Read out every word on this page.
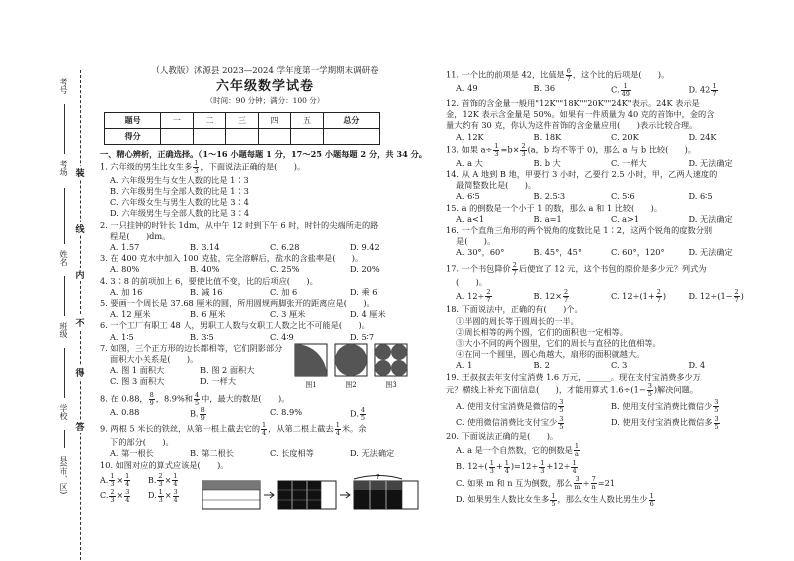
考号
考场
姓名
班级
学校
县(市、区)
装
线
内
不
得
答
（人教版）沭源县 2023—2024 学年度第一学期期末调研卷
六年级数学试卷
（时间：90 分钟；满分：100 分）
题号	一	二	三	四	五	总分
得分						
一、精心辨析，正确选择。（1～16 小题每题 1 分，17～25 小题每题 2 分，共 34 分。
1. 六年级的男生比女生多 $\frac{1}{3}$ ，下面说法正确的是(　　)。
A. 六年级男生与女生人数的比是 1∶3
B. 六年级男生与全部人数的比是 1∶3
C. 六年级女生与男生人数的比是 3∶4
D. 六年级男生与全部人数的比是 3∶4
2. 一只挂钟的时针长 1dm，从中午 12 时到下午 6 时，时针的尖端所走的路
程是(　　)dm。
A. 1.57	B. 3.14	C. 6.28	D. 9.42
3. 在 400 克水中加入 100 克盐，完全溶解后，盐水的含盐率是(　　)。
A. 80%	B. 40%	C. 25%	D. 20%
4. 3∶8 的前项加上 6，要使比值不变，比的后项应(　　)。
A. 加 16	B. 减 16	C. 加 6	D. 乘 6
5. 要画一个周长是 37.68 厘米的圆，所用圆规两脚张开的距离应是(　　)。
A. 12 厘米	B. 6 厘米	C. 3 厘米	D. 4 厘米
6. 一个工厂有职工 48 人，男职工人数与女职工人数之比不可能是(　　)。
A. 1∶5	B. 3∶5	C. 4∶9	D. 5∶7
7. 如图，三个正方形的边长都相等，它们阴影部分
面积大小关系是(　　)。
A. 图 1 面积大	B. 图 2 面积大
C. 图 3 面积大	D. 一样大	图1	图2	图3
8. 在 0.88， $\frac{8}{9}$ ，8.9%和 $\frac{4}{5}$ 中，最大的数是(　　)。
A. 0.88	B. $\frac{8}{9}$	C. 8.9%	D. $\frac{4}{5}$
9. 两根 5 米长的铁丝，从第一根上截去它的 $\frac{1}{4}$ ，从第二根上截去 $\frac{1}{4}$ 米。余
下的部分(　　)。
A. 第一根长	B. 第二根长	C. 长度相等	D. 无法确定
10. 如图对应的算式应该是(　　)。
A. $\frac{1}{3} \times \frac{1}{4} B$. $\frac{2}{3} \times \frac{1}{4}$
C. $\frac{2}{3} \times \frac{3}{4} D$. $\frac{1}{3} \times \frac{3}{4}$
?
11. 一个比的前项是 42，比值是 $\frac{6}{7}$ ，这个比的后项是(　　)。
A. 49	B. 36	C. $\frac{1}{49}$	D. $42 \frac{1}{7}$
12. 首饰的含金量一般用"12K""18K""20K""24K"表示。24K 表示是
金，12K 表示含金量是 50%。如果有一件质量为 40 克的首饰中，金的含
量大约有 30 克，你认为这件首饰的含金量应用(　　)表示比较合理。
A. 12K	B. 18K	C. 20K	D. 24K
13. 如果 $a\div \frac{1}{3} =b\times \frac{2}{3} (a$，b 均不等于 0)，那么 a 与 b 比较(　　)。
A. a 大	B. b 大	C. 一样大	D. 无法确定
14. 从 A 地到 B 地，甲要行 3 小时，乙要行 2.5 小时，甲，乙两人速度的
最简整数比是(　　)。
A. 6∶5	B. 2.5∶3	C. 5∶6	D. 6∶5
15. a 的倒数是一个小于 1 的数，那么 a 和 1 比较(　　)。
A. a<1	B. a=1	C. a>1	D. 无法确定
16. 一个直角三角形的两个锐角的度数比是 1∶2，这两个锐角的度数分别
是(　　)。
A. 30°，60°	B. 45°，45°	C. 60°，120°	D. 无法确定
17. 一个书包降价 $\frac{2}{7}$ 后便宜了 12 元，这个书包的原价是多少元？列式为
(　　)。
A. $12\div \frac{2}{7}$	B. $12\times \frac{2}{7}$	C. $12\div(1+ \frac{2}{7}$ )	D. $12\div(1- \frac{2}{7}$ )
18. 下面说法中，正确的有(　　)个。
①半圆的周长等于圆周长的一半。
②周长相等的两个圆，它们的面积也一定相等。
③大小不同的两个圆里，它们的周长与直径的比值相等。
④在同一个圆里，圆心角越大，扇形的面积就越大。
A. 1	B. 2	C. 3	D. 4
19. 王叔叔去年支付宝消费 1.6 万元，______。现在支付宝消费多少万
元？横线上补充下面信息(　　)，才能用算式 $1.6\div(1- \frac{3}{5}$ )解决问题。
A. 使用支付宝消费是微信的 $\frac{3}{5}$	B. 使用支付宝消费比微信少 $\frac{3}{5}$
C. 使用微信消费比支付宝少 $\frac{3}{5}$	D. 使用支付宝消费比微信多 $\frac{3}{5}$
20. 下面说法正确的是(　　)。
A. a 是一个自然数，它的倒数是 $\frac{1}{a}$
B. $12\div( \frac{1}{3} + \frac{1}{4} )=12\div \frac{1}{3} +12\div \frac{1}{4}$
C. 如果 m 和 n 互为倒数，那么 $\frac{3}{m} \div \frac{7}{n} =21$
D. 如果男生人数比女生多 $\frac{1}{5}$ ，那么女生人数比男生少 $\frac{1}{6}$
